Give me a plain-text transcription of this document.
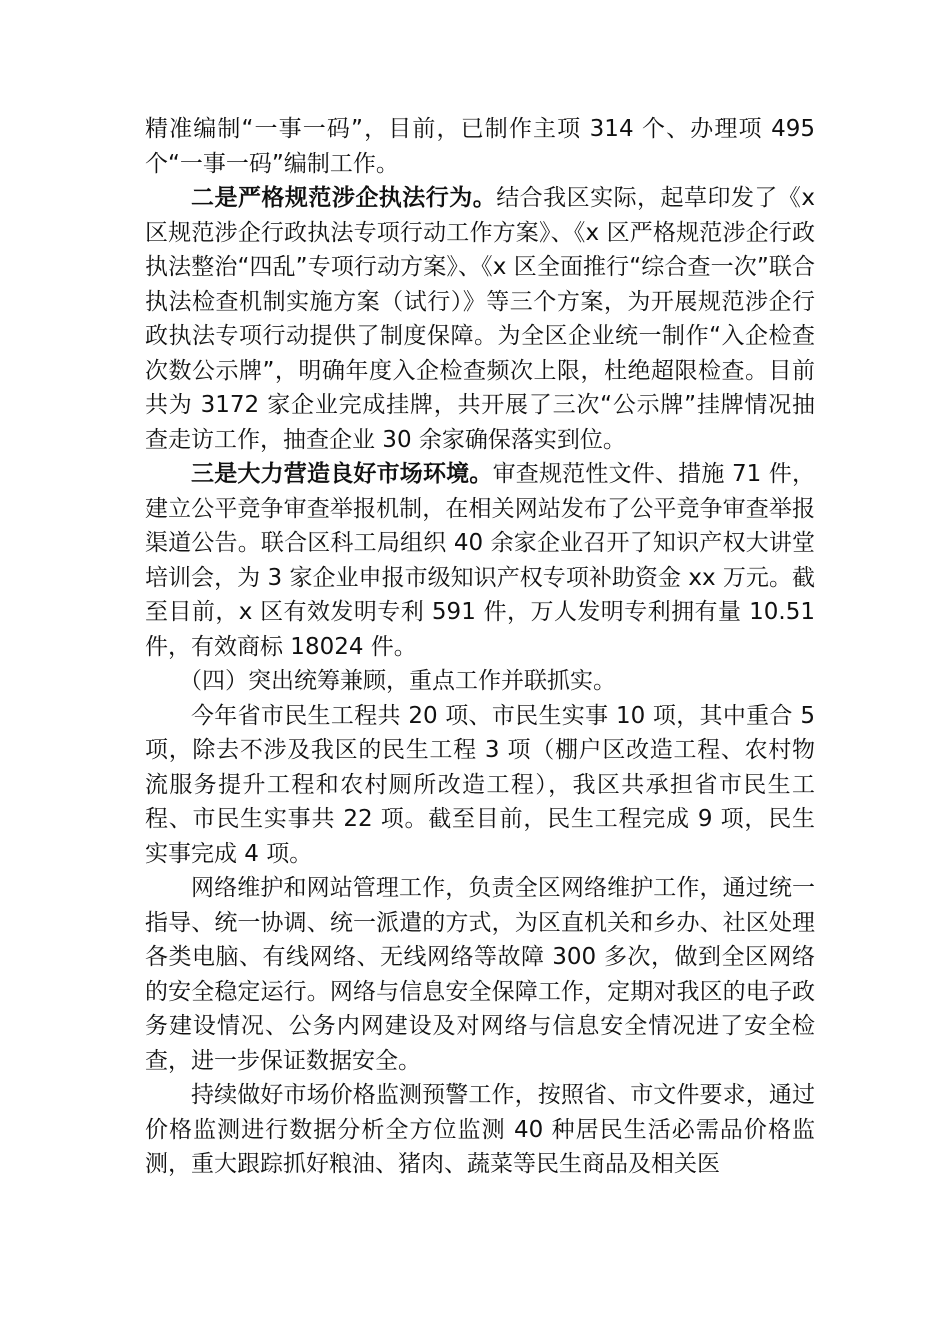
精准编制“一事一码”，目前，已制作主项 314 个、办理项 495 个“一事一码”编制工作。

二是严格规范涉企执法行为。结合我区实际，起草印发了《x 区规范涉企行政执法专项行动工作方案》、《x 区严格规范涉企行政执法整治“四乱”专项行动方案》、《x 区全面推行“综合查一次”联合执法检查机制实施方案（试行）》等三个方案，为开展规范涉企行政执法专项行动提供了制度保障。为全区企业统一制作“入企检查次数公示牌”，明确年度入企检查频次上限，杜绝超限检查。目前共为 3172 家企业完成挂牌，共开展了三次“公示牌”挂牌情况抽查走访工作，抽查企业 30 余家确保落实到位。

三是大力营造良好市场环境。审查规范性文件、措施 71 件，建立公平竞争审查举报机制，在相关网站发布了公平竞争审查举报渠道公告。联合区科工局组织 40 余家企业召开了知识产权大讲堂培训会，为 3 家企业申报市级知识产权专项补助资金 xx 万元。截至目前，x 区有效发明专利 591 件，万人发明专利拥有量 10.51 件，有效商标 18024 件。

（四）突出统筹兼顾，重点工作并联抓实。

今年省市民生工程共 20 项、市民生实事 10 项，其中重合 5 项，除去不涉及我区的民生工程 3 项（棚户区改造工程、农村物流服务提升工程和农村厕所改造工程），我区共承担省市民生工程、市民生实事共 22 项。截至目前，民生工程完成 9 项，民生实事完成 4 项。

网络维护和网站管理工作，负责全区网络维护工作，通过统一指导、统一协调、统一派遣的方式，为区直机关和乡办、社区处理各类电脑、有线网络、无线网络等故障 300 多次，做到全区网络的安全稳定运行。网络与信息安全保障工作，定期对我区的电子政务建设情况、公务内网建设及对网络与信息安全情况进了安全检查，进一步保证数据安全。

持续做好市场价格监测预警工作，按照省、市文件要求，通过价格监测进行数据分析全方位监测 40 种居民生活必需品价格监测，重大跟踪抓好粮油、猪肉、蔬菜等民生商品及相关医
